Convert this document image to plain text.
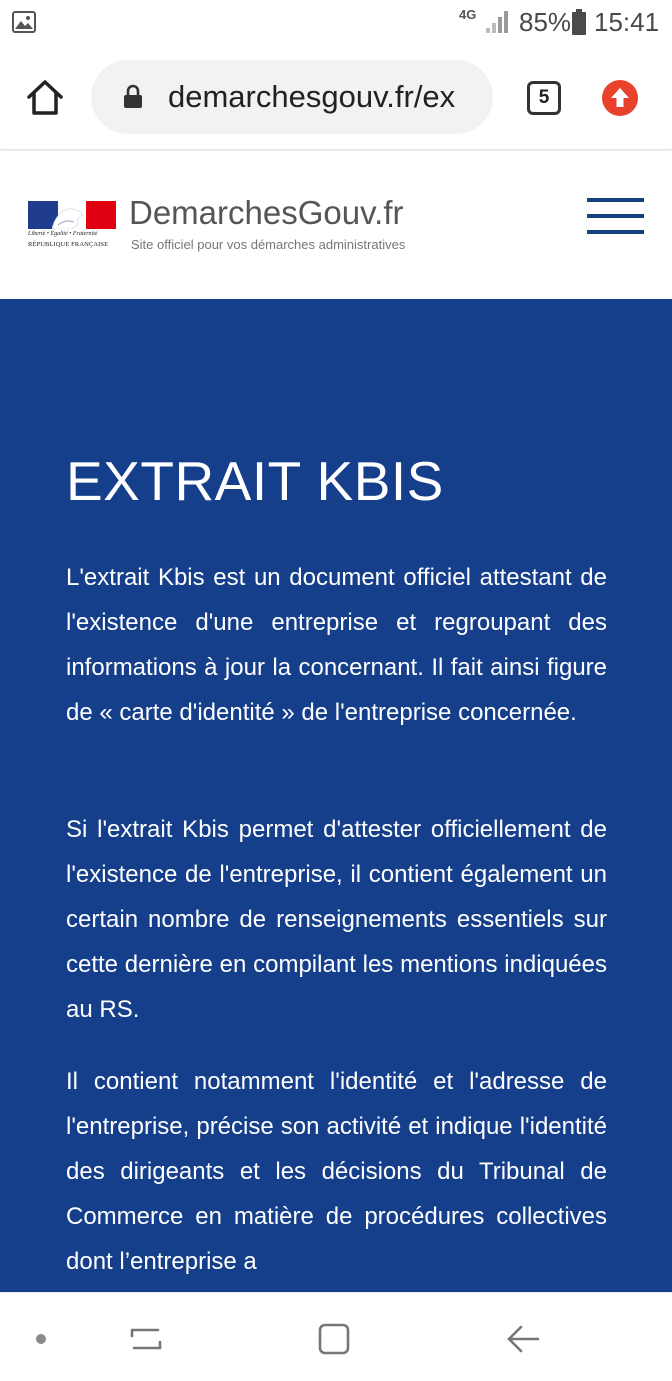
4G 85% 15:41
demarchesgouv.fr/ex	5
Liberté • Égalité • Fraternité
RÉPUBLIQUE FRANÇAISE
DemarchesGouv.fr
Site officiel pour vos démarches administratives
EXTRAIT KBIS

L'extrait Kbis est un document officiel attestant de l'existence d'une entreprise et regroupant des informations à jour la concernant. Il fait ainsi figure de « carte d'identité » de l'entreprise concernée.

Si l'extrait Kbis permet d'attester officiellement de l'existence de l'entreprise, il contient également un certain nombre de renseignements essentiels sur cette dernière en compilant les mentions indiquées au RS.

Il contient notamment l'identité et l'adresse de l'entreprise, précise son activité et indique l'identité des dirigeants et les décisions du Tribunal de Commerce en matière de procédures collectives dont l’entreprise a
